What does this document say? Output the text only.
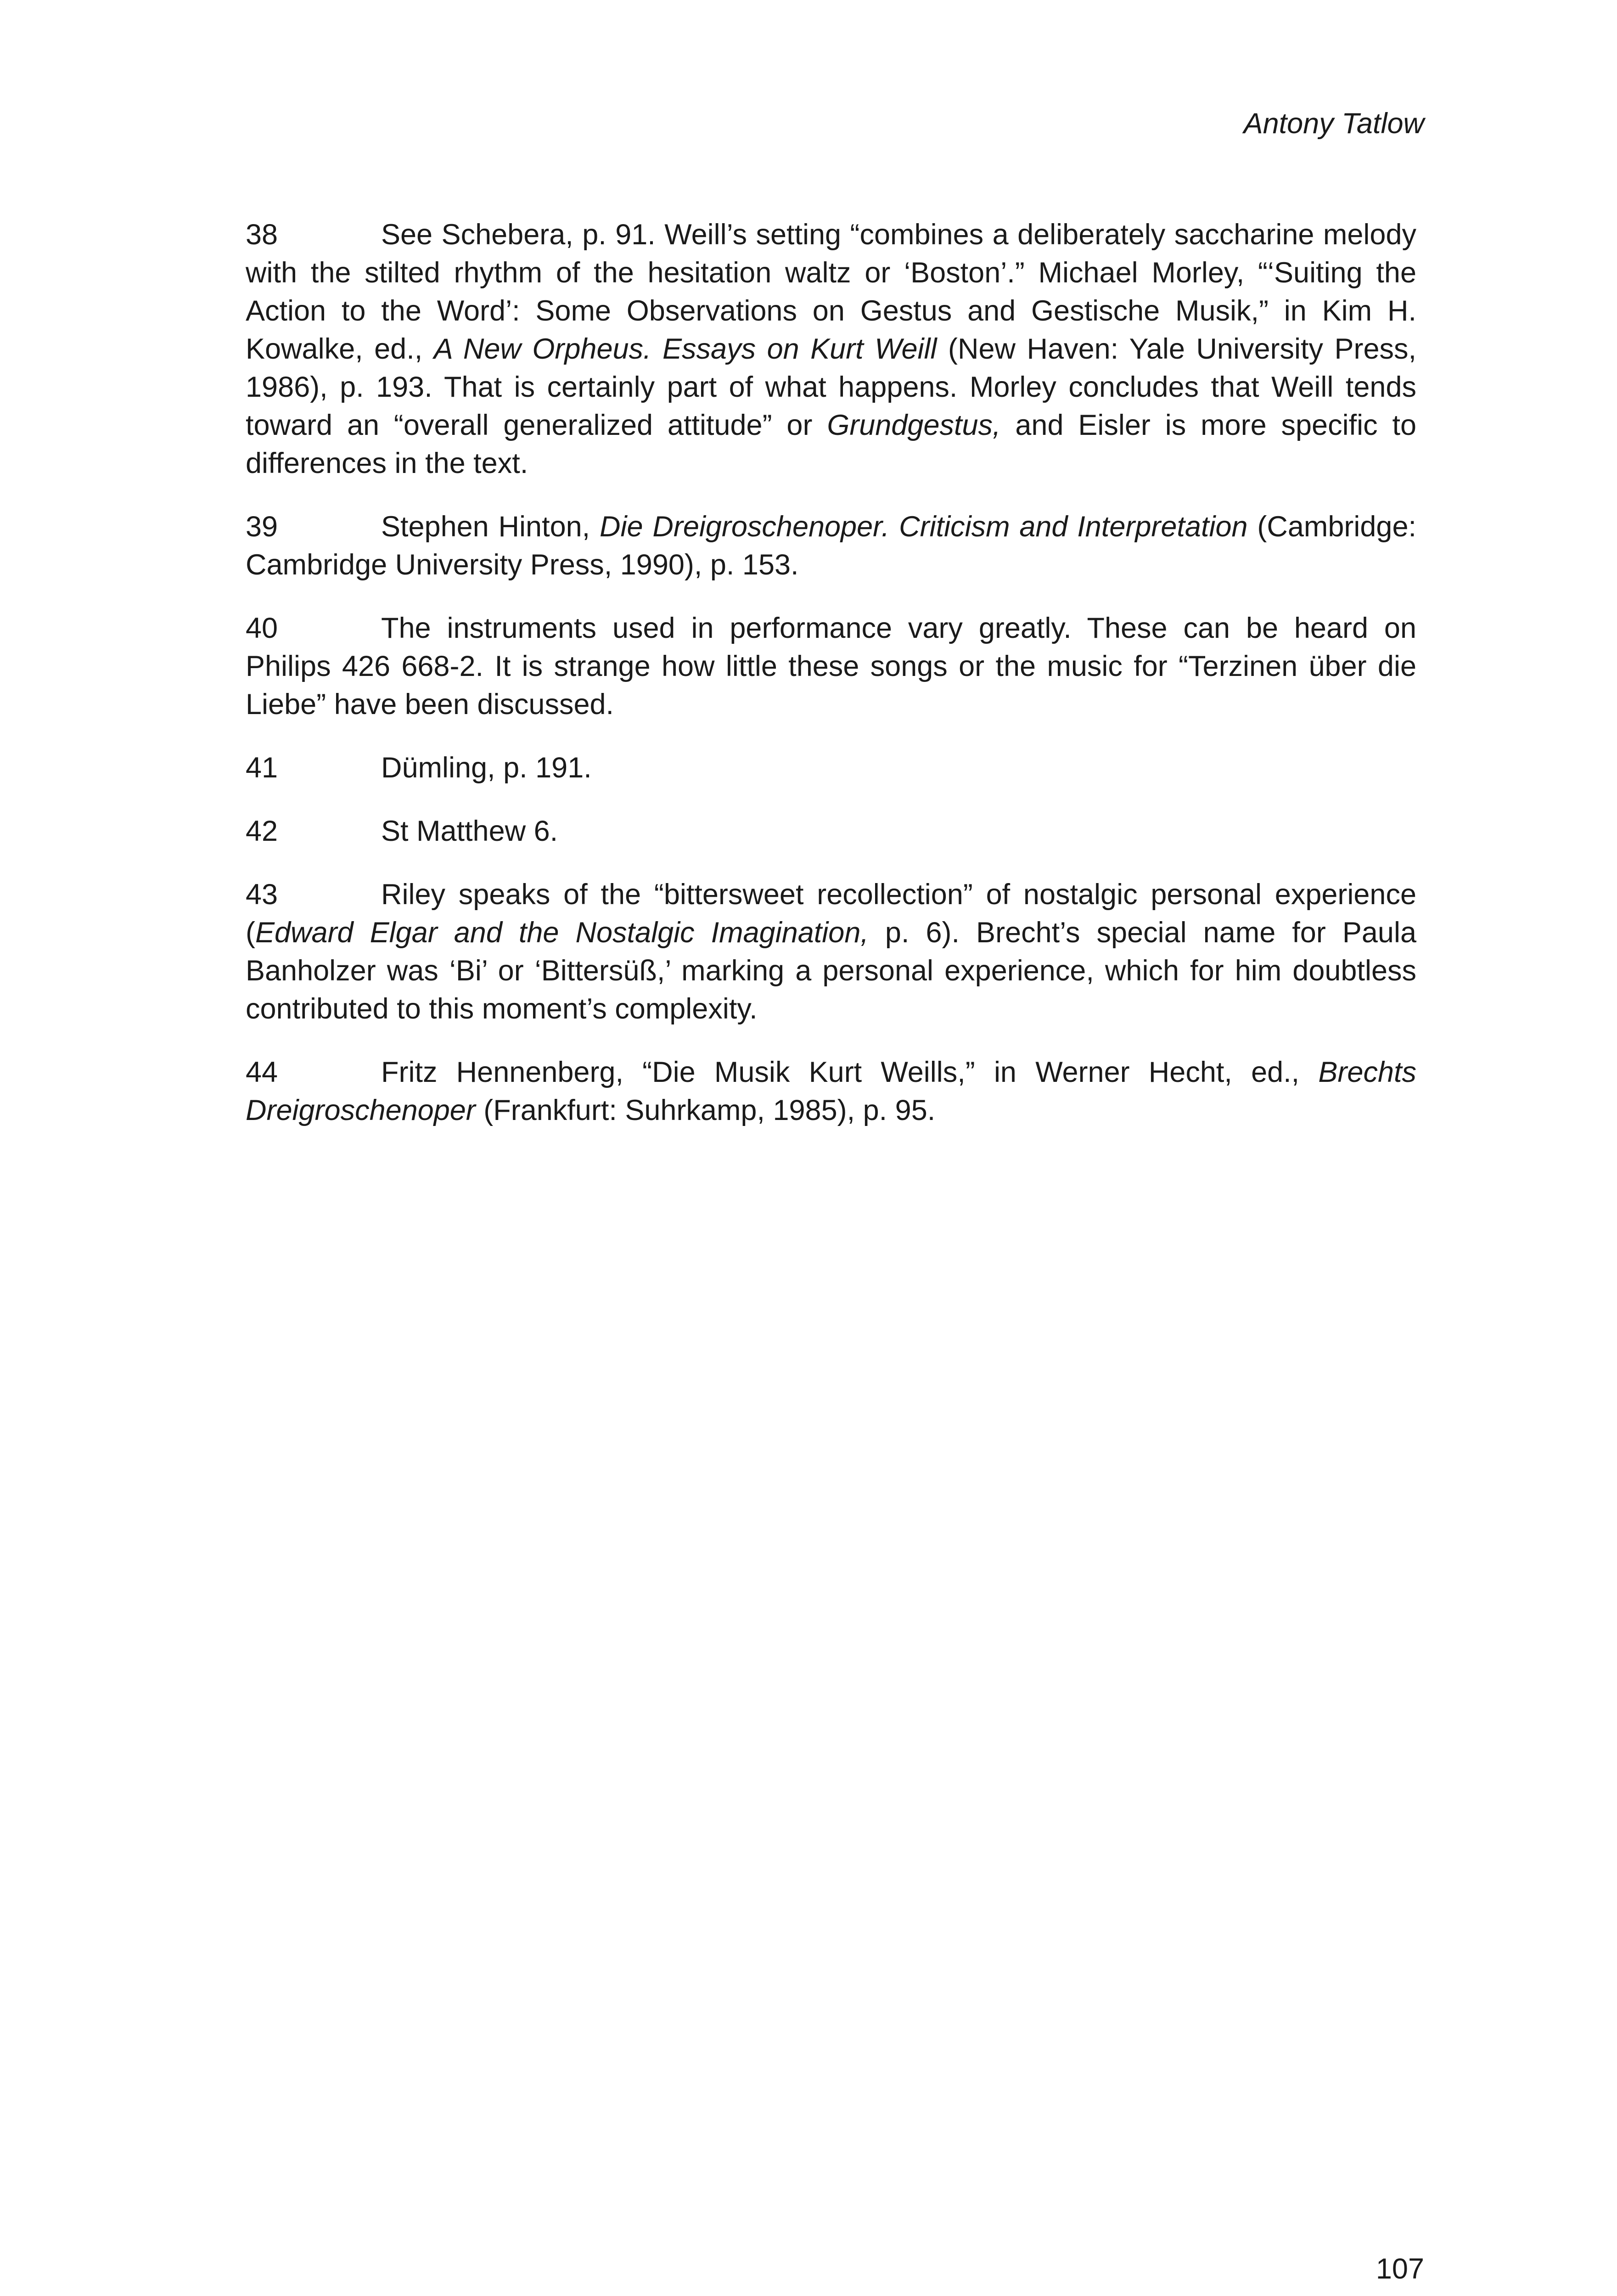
Antony Tatlow

38	See Schebera, p. 91. Weill’s setting “combines a deliberately saccharine melody with the stilted rhythm of the hesitation waltz or ‘Boston’.” Michael Morley, “‘Suiting the Action to the Word’: Some Observations on Gestus and Gestische Musik,” in Kim H. Kowalke, ed., A New Orpheus. Essays on Kurt Weill (New Haven: Yale University Press, 1986), p. 193. That is certainly part of what happens. Morley concludes that Weill tends toward an “overall generalized attitude” or Grundgestus, and Eisler is more specific to differences in the text.

39	Stephen Hinton, Die Dreigroschenoper. Criticism and Interpretation (Cambridge: Cambridge University Press, 1990), p. 153.

40	The instruments used in performance vary greatly. These can be heard on Philips 426 668-2. It is strange how little these songs or the music for “Terzinen über die Liebe” have been discussed.

41	Dümling, p. 191.

42	St Matthew 6.

43	Riley speaks of the “bittersweet recollection” of nostalgic personal experience (Edward Elgar and the Nostalgic Imagination, p. 6). Brecht’s special name for Paula Banholzer was ‘Bi’ or ‘Bittersüß,’ marking a personal experience, which for him doubtless contributed to this moment’s complexity.

44	Fritz Hennenberg, “Die Musik Kurt Weills,” in Werner Hecht, ed., Brechts Dreigroschenoper (Frankfurt: Suhrkamp, 1985), p. 95.

107
